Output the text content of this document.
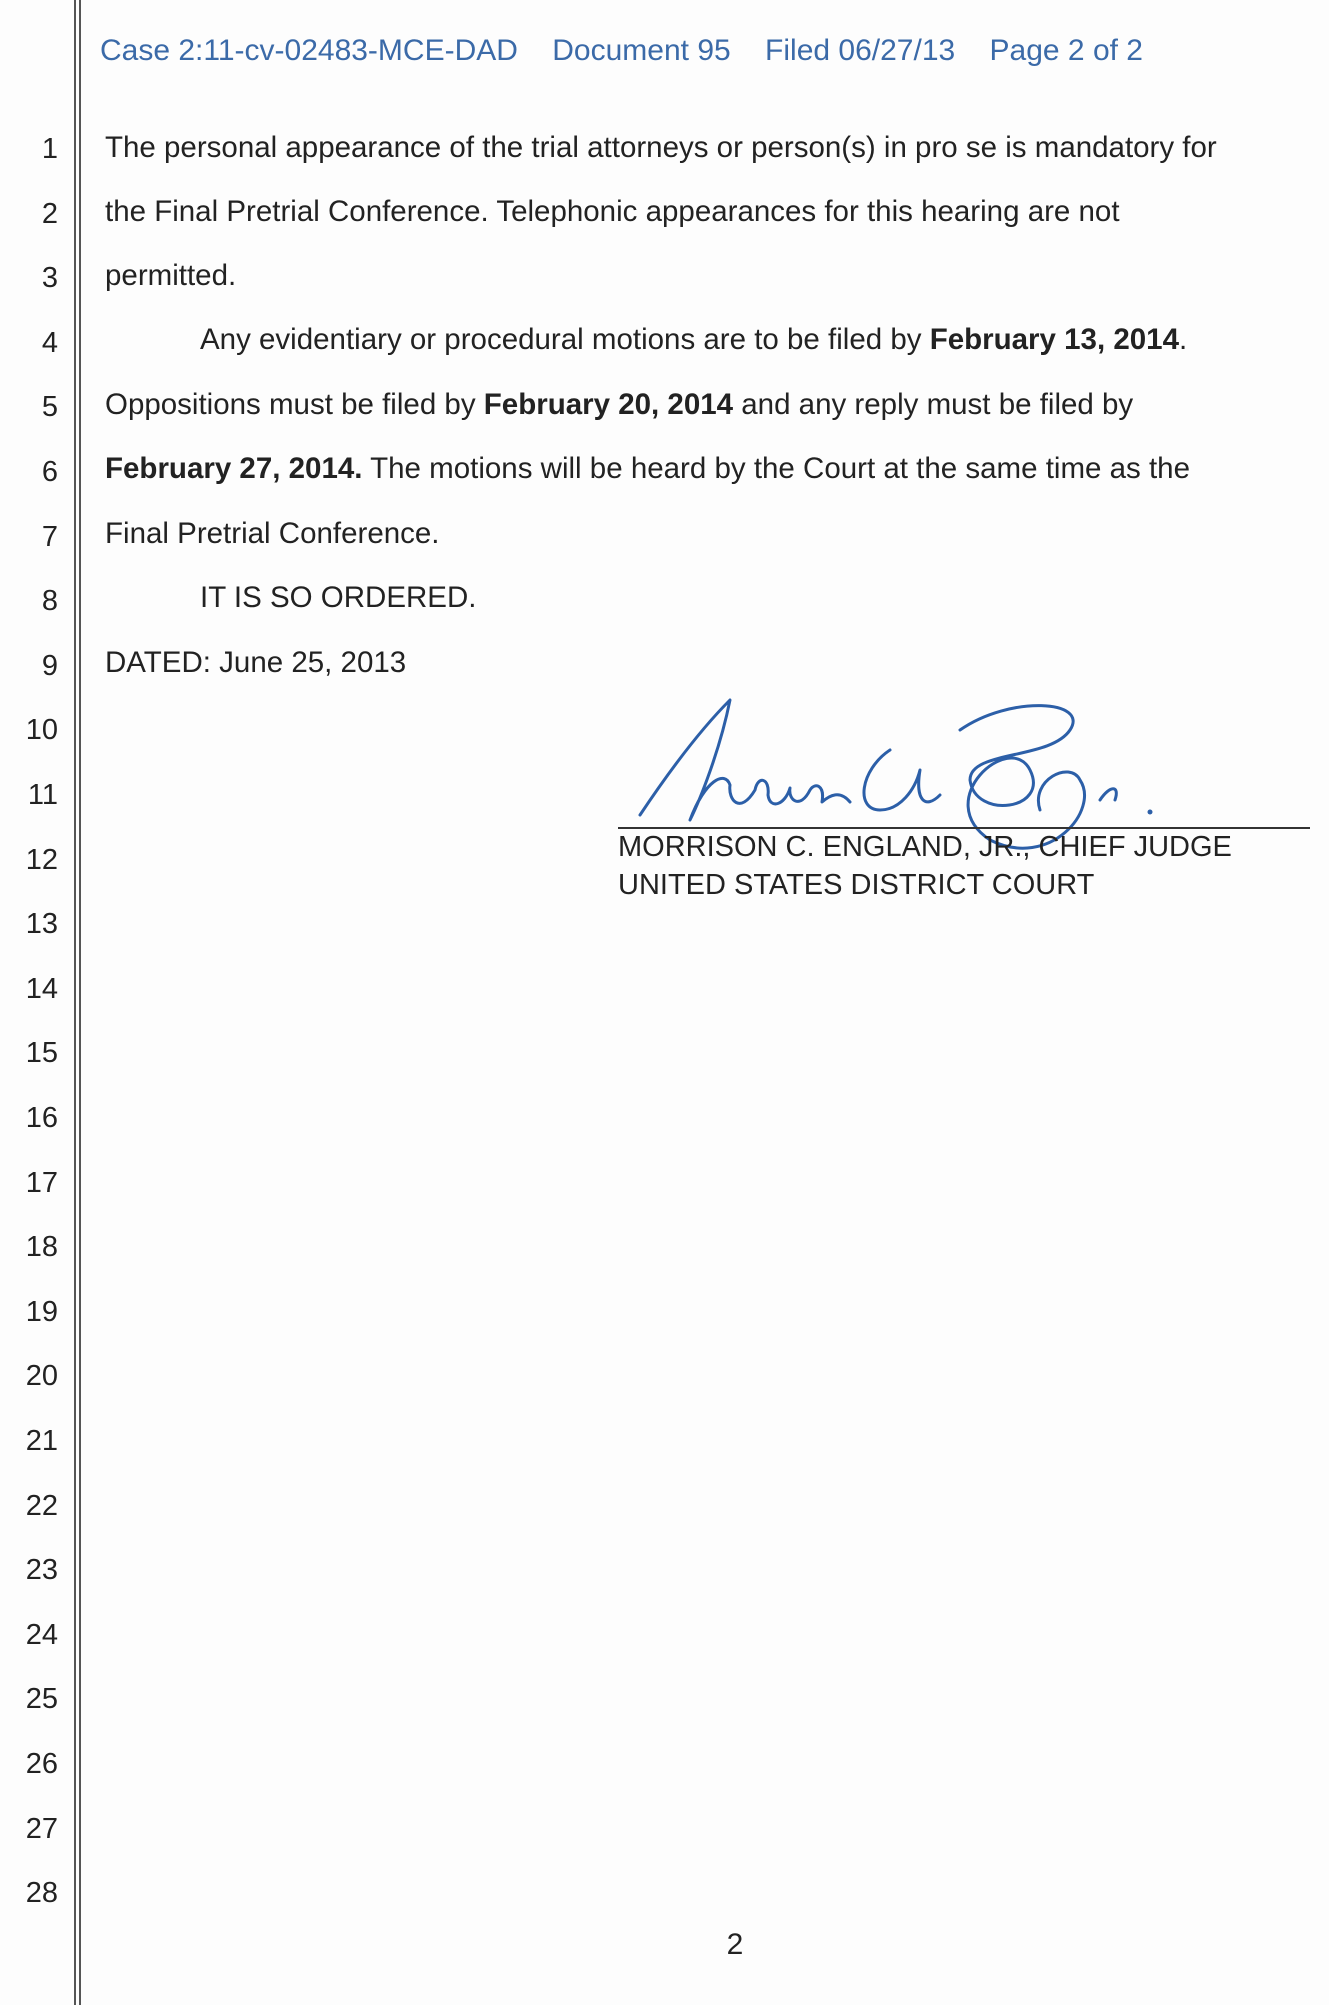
Case 2:11-cv-02483-MCE-DAD Document 95 Filed 06/27/13 Page 2 of 2
1
2
3
4
5
6
7
8
9
10
11
12
13
14
15
16
17
18
19
20
21
22
23
24
25
26
27
28
The personal appearance of the trial attorneys or person(s) in pro se is mandatory for
the Final Pretrial Conference. Telephonic appearances for this hearing are not
permitted.
Any evidentiary or procedural motions are to be filed by February 13, 2014.
Oppositions must be filed by February 20, 2014 and any reply must be filed by
February 27, 2014. The motions will be heard by the Court at the same time as the
Final Pretrial Conference.
IT IS SO ORDERED.
DATED: June 25, 2013
MORRISON C. ENGLAND, JR., CHIEF JUDGE
UNITED STATES DISTRICT COURT
2
